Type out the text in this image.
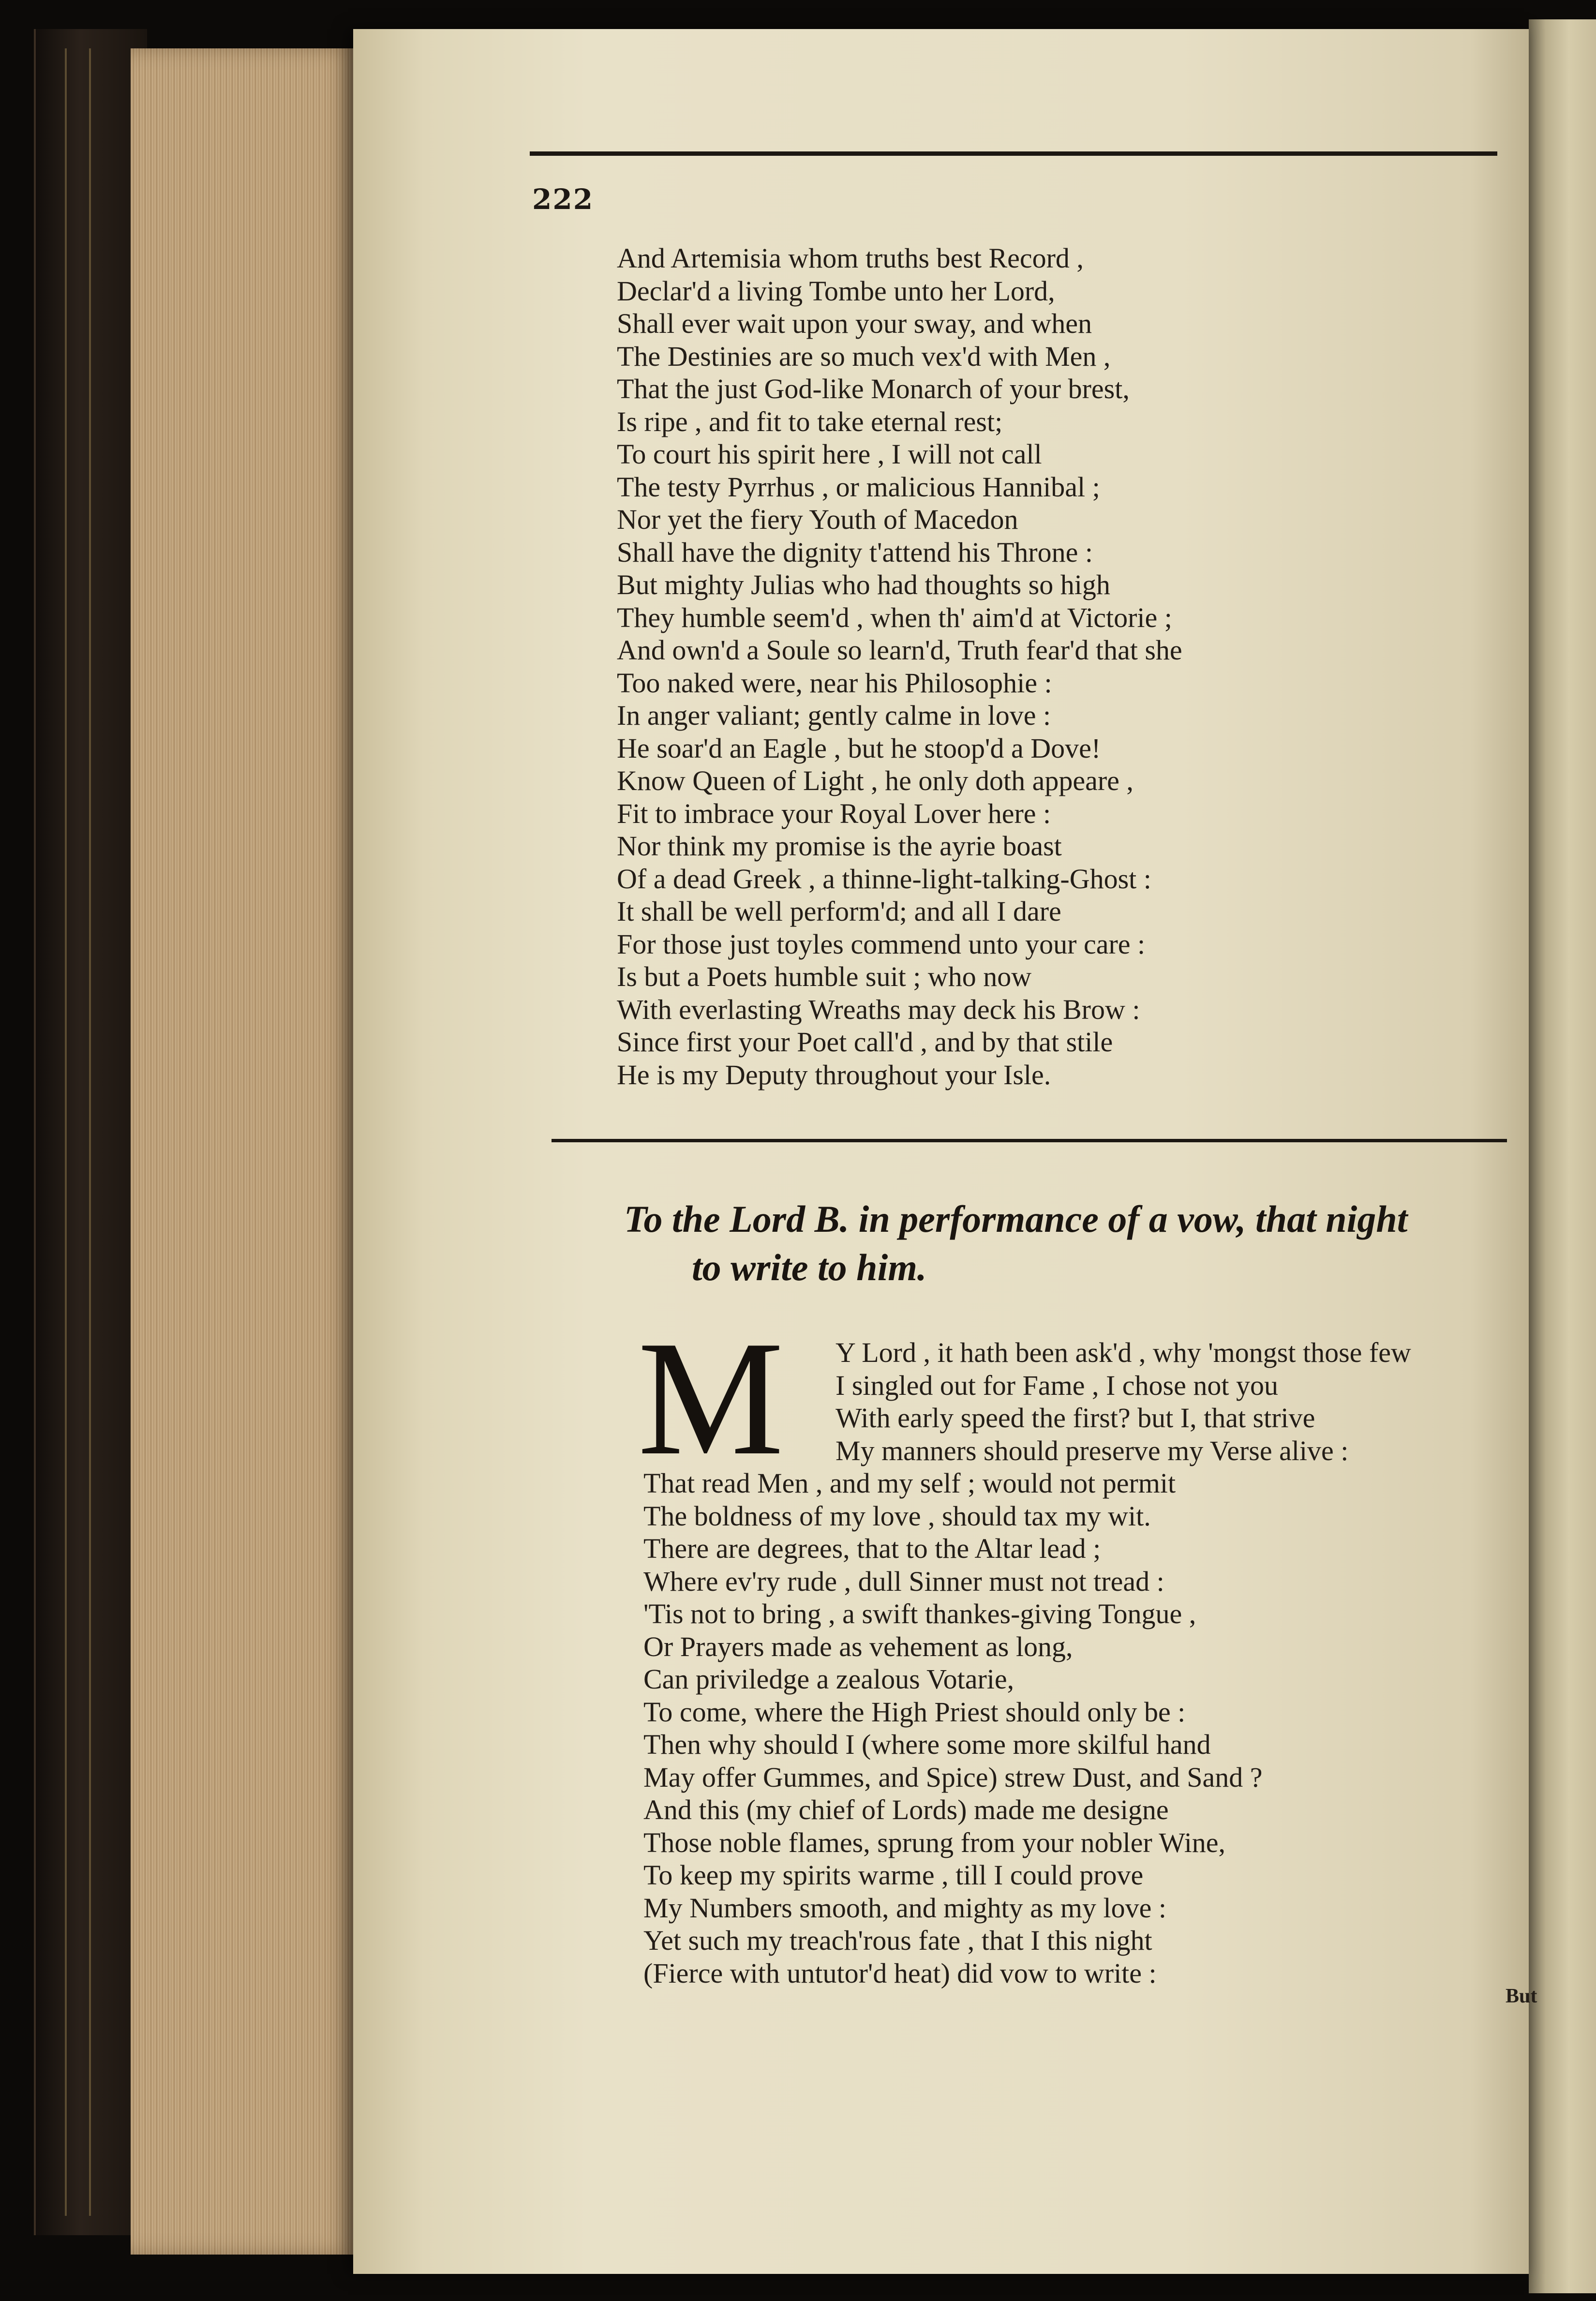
222
And Artemisia whom truths best Record ,
Declar'd a living Tombe unto her Lord,
Shall ever wait upon your sway, and when
The Destinies are so much vex'd with Men ,
That the just God-like Monarch of your brest,
Is ripe , and fit to take eternal rest;
To court his spirit here , I will not call
The testy Pyrrhus , or malicious Hannibal ;
Nor yet the fiery Youth of Macedon
Shall have the dignity t'attend his Throne :
But mighty Julias who had thoughts so high
They humble seem'd , when th' aim'd at Victorie ;
And own'd a Soule so learn'd, Truth fear'd that she
Too naked were, near his Philosophie :
In anger valiant; gently calme in love :
He soar'd an Eagle , but he stoop'd a Dove!
Know Queen of Light , he only doth appeare ,
Fit to imbrace your Royal Lover here :
Nor think my promise is the ayrie boast
Of a dead Greek , a thinne-light-talking-Ghost :
It shall be well perform'd; and all I dare
For those just toyles commend unto your care :
Is but a Poets humble suit ; who now
With everlasting Wreaths may deck his Brow :
Since first your Poet call'd , and by that stile
He is my Deputy throughout your Isle.
To the Lord B. in performance of a vow, that night
to write to him.
M Y Lord , it hath been ask'd , why 'mongst those few
I singled out for Fame , I chose not you
With early speed the first? but I, that strive
My manners should preserve my Verse alive :
That read Men , and my self ; would not permit
The boldness of my love , should tax my wit.
There are degrees, that to the Altar lead ;
Where ev'ry rude , dull Sinner must not tread :
'Tis not to bring , a swift thankes-giving Tongue ,
Or Prayers made as vehement as long,
Can priviledge a zealous Votarie,
To come, where the High Priest should only be :
Then why should I (where some more skilful hand
May offer Gummes, and Spice) strew Dust, and Sand ?
And this (my chief of Lords) made me designe
Those noble flames, sprung from your nobler Wine,
To keep my spirits warme , till I could prove
My Numbers smooth, and mighty as my love :
Yet such my treach'rous fate , that I this night
(Fierce with untutor'd heat) did vow to write :
But
